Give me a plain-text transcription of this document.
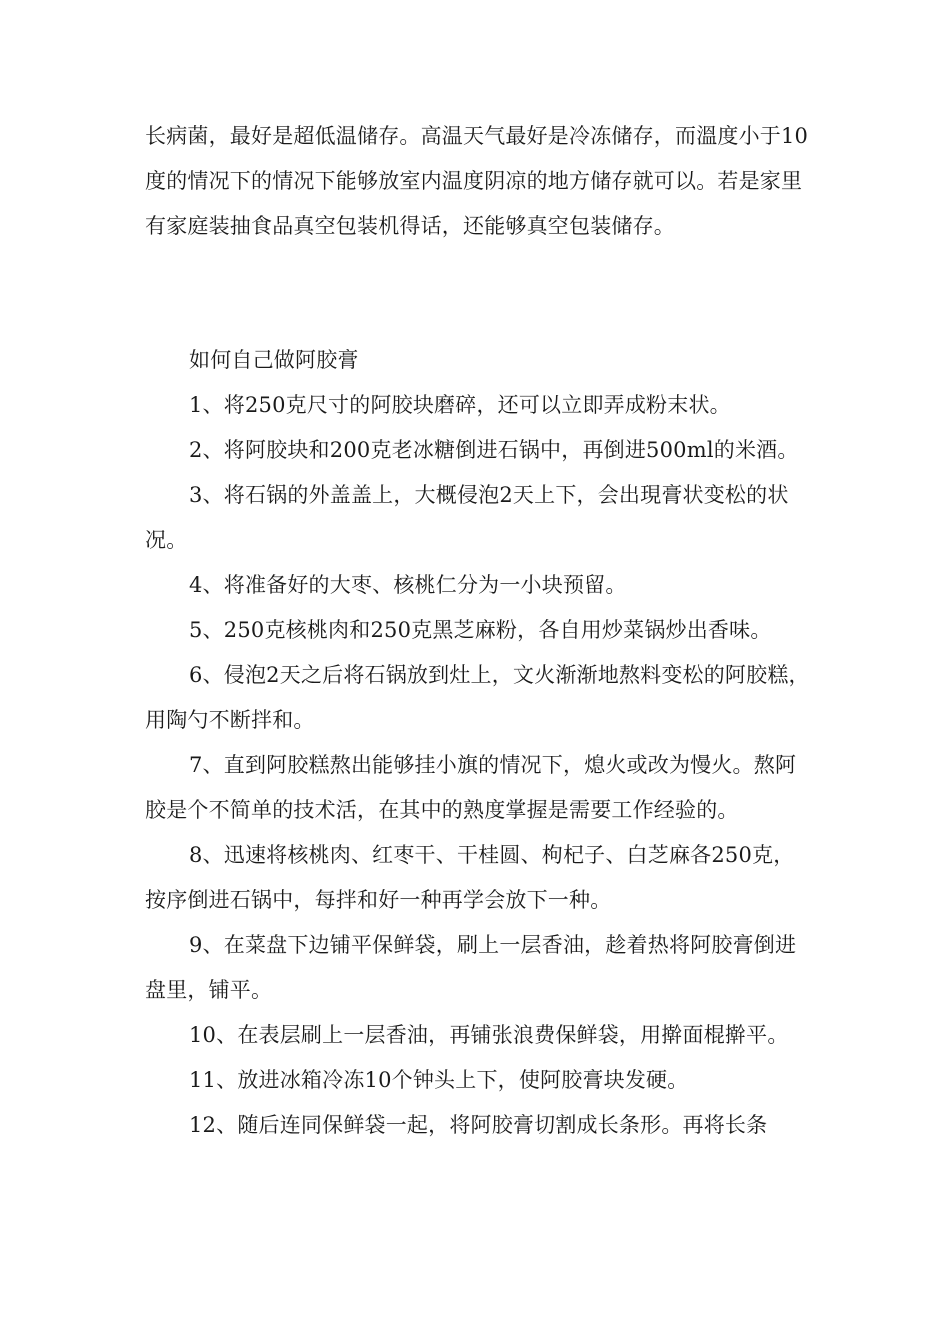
长病菌，最好是超低温储存。高温天气最好是冷冻储存，而溫度小于10度的情况下的情况下能够放室内温度阴凉的地方储存就可以。若是家里有家庭装抽食品真空包装机得话，还能够真空包装储存。

如何自己做阿胶膏

1、将250克尺寸的阿胶块磨碎，还可以立即弄成粉末状。

2、将阿胶块和200克老冰糖倒进石锅中，再倒进500ml的米酒。

3、将石锅的外盖盖上，大概侵泡2天上下，会出現膏状变松的状况。

4、将准备好的大枣、核桃仁分为一小块预留。

5、250克核桃肉和250克黑芝麻粉，各自用炒菜锅炒出香味。

6、侵泡2天之后将石锅放到灶上，文火渐渐地熬料变松的阿胶糕，用陶勺不断拌和。

7、直到阿胶糕熬出能够挂小旗的情况下，熄火或改为慢火。熬阿胶是个不简单的技术活，在其中的熟度掌握是需要工作经验的。

8、迅速将核桃肉、红枣干、干桂圆、枸杞子、白芝麻各250克，按序倒进石锅中，每拌和好一种再学会放下一种。

9、在菜盘下边铺平保鲜袋，刷上一层香油，趁着热将阿胶膏倒进盘里，铺平。

10、在表层刷上一层香油，再铺张浪费保鲜袋，用擀面棍擀平。

11、放进冰箱冷冻10个钟头上下，使阿胶膏块发硬。

12、随后连同保鲜袋一起，将阿胶膏切割成长条形。再将长条
